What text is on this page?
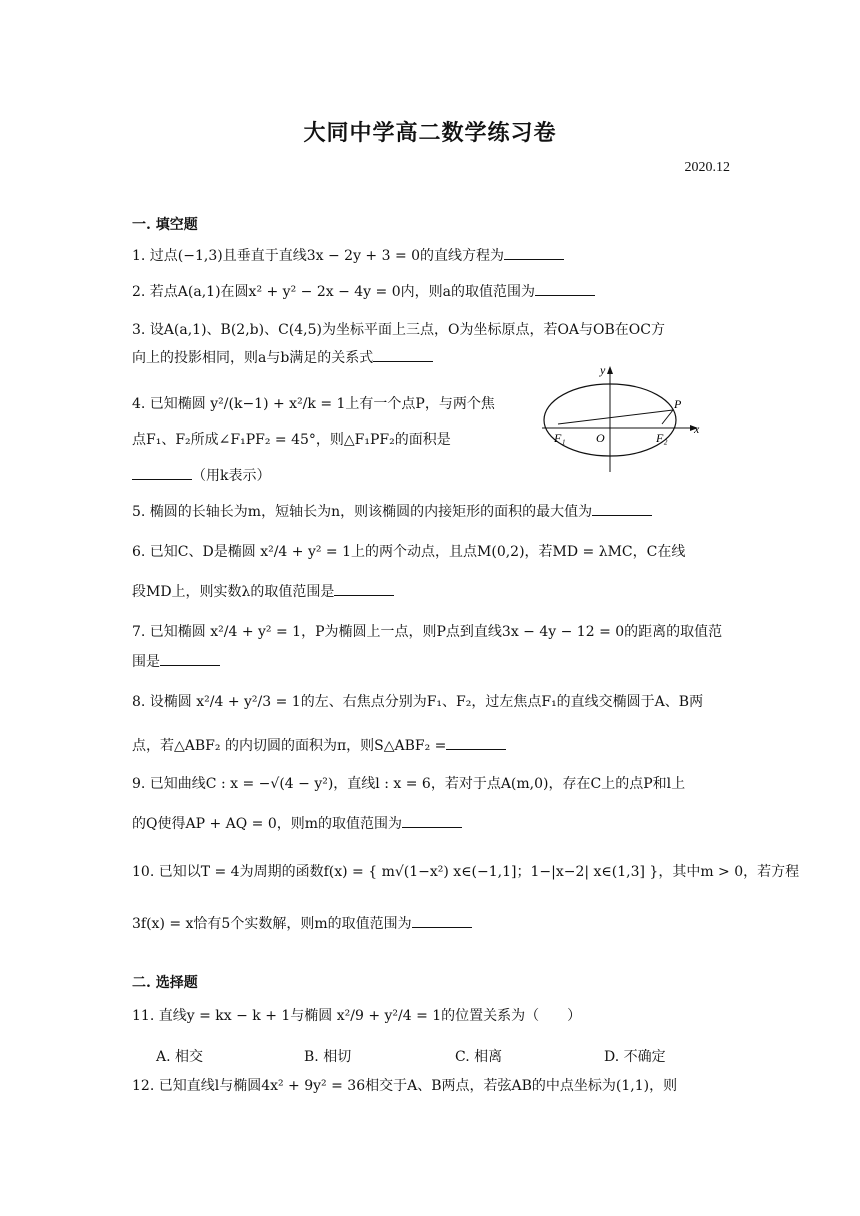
大同中学高二数学练习卷
2020.12
一. 填空题
1. 过点(−1,3)且垂直于直线3x − 2y + 3 = 0的直线方程为
2. 若点A(a,1)在圆x² + y² − 2x − 4y = 0内，则a的取值范围为
3. 设A(a,1)、B(2,b)、C(4,5)为坐标平面上三点，O为坐标原点，若OA与OB在OC方
向上的投影相同，则a与b满足的关系式
4. 已知椭圆 y²/(k−1) + x²/k = 1上有一个点P，与两个焦
点F₁、F₂所成∠F₁PF₂ = 45°，则△F₁PF₂的面积是
（用k表示）
y
x
O
F₁	F₂
P
5. 椭圆的长轴长为m，短轴长为n，则该椭圆的内接矩形的面积的最大值为
6. 已知C、D是椭圆 x²/4 + y² = 1上的两个动点，且点M(0,2)，若MD = λMC，C在线
段MD上，则实数λ的取值范围是
7. 已知椭圆 x²/4 + y² = 1，P为椭圆上一点，则P点到直线3x − 4y − 12 = 0的距离的取值范
围是
8. 设椭圆 x²/4 + y²/3 = 1的左、右焦点分别为F₁、F₂，过左焦点F₁的直线交椭圆于A、B两
点，若△ABF₂ 的内切圆的面积为π，则S△ABF₂ =
9. 已知曲线C : x = −√(4 − y²)，直线l : x = 6，若对于点A(m,0)，存在C上的点P和l上
的Q使得AP + AQ = 0，则m的取值范围为
10. 已知以T = 4为周期的函数f(x) = { m√(1−x²) x∈(−1,1]；1−|x−2| x∈(1,3] }，其中m > 0，若方程
3f(x) = x恰有5个实数解，则m的取值范围为
二. 选择题
11. 直线y = kx − k + 1与椭圆 x²/9 + y²/4 = 1的位置关系为（　　）
A. 相交	B. 相切	C. 相离	D. 不确定
12. 已知直线l与椭圆4x² + 9y² = 36相交于A、B两点，若弦AB的中点坐标为(1,1)，则
